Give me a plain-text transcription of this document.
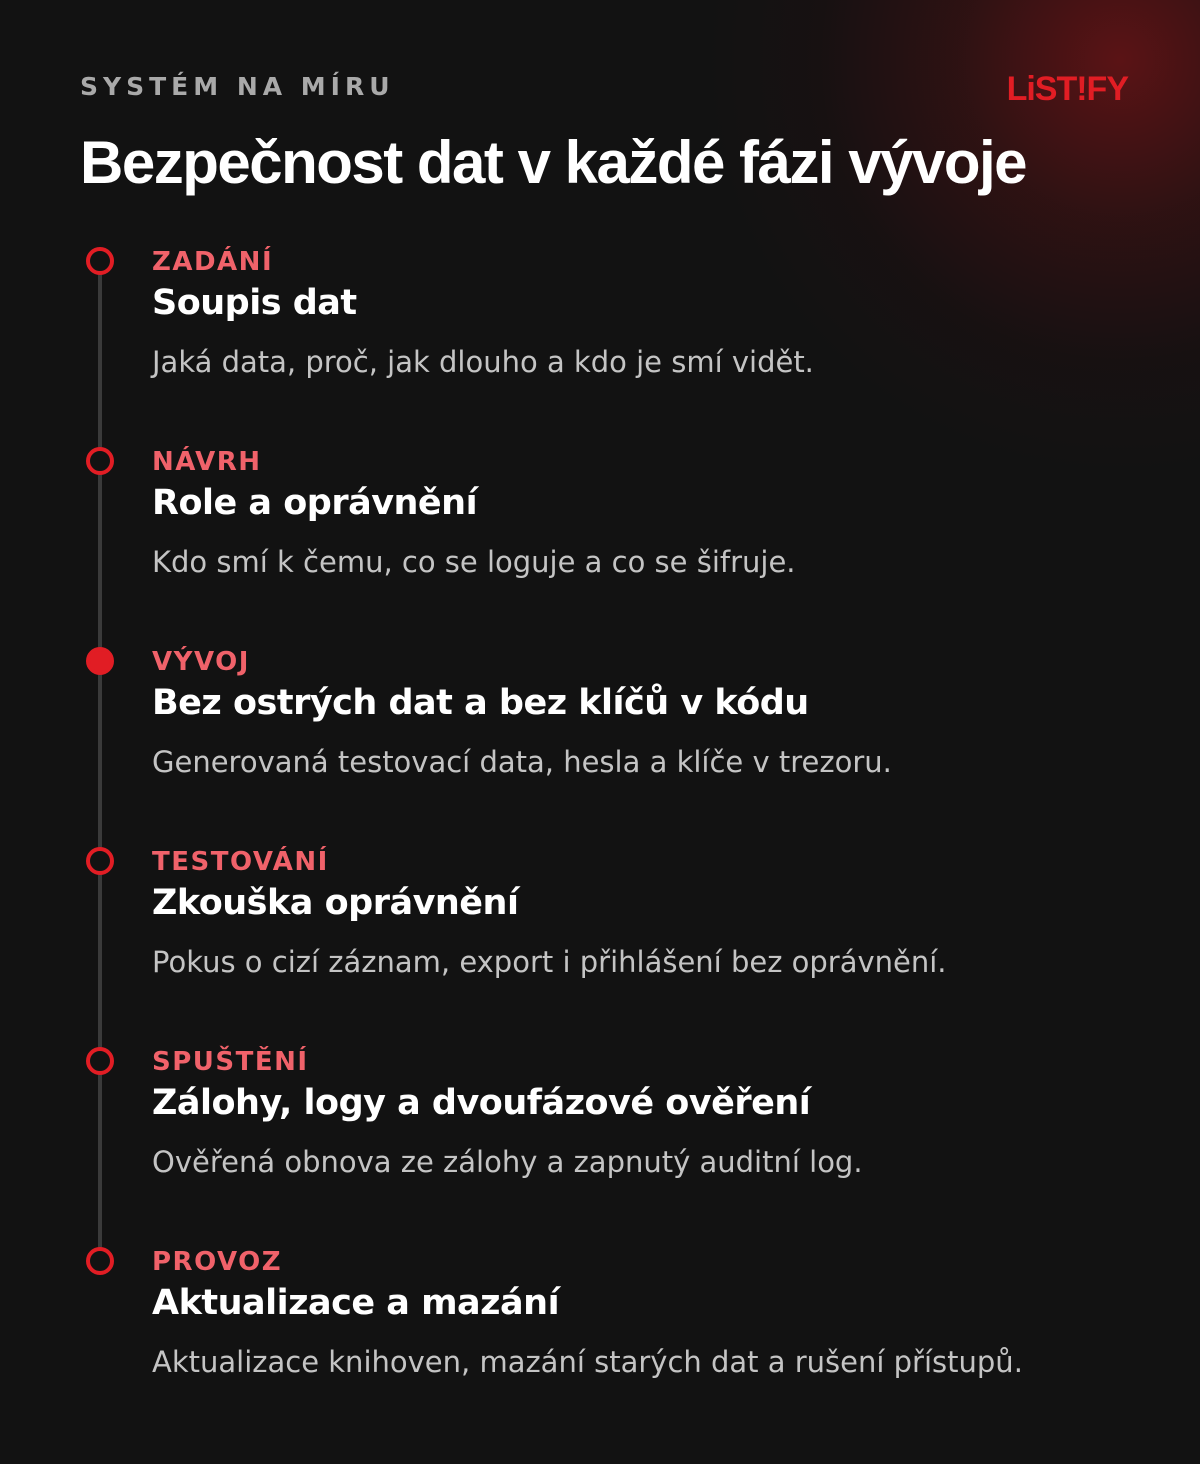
SYSTÉM NA MÍRU	LiST!FY
Bezpečnost dat v každé fázi vývoje
ZADÁNÍ
Soupis dat
Jaká data, proč, jak dlouho a kdo je smí vidět.
NÁVRH
Role a oprávnění
Kdo smí k čemu, co se loguje a co se šifruje.
VÝVOJ
Bez ostrých dat a bez klíčů v kódu
Generovaná testovací data, hesla a klíče v trezoru.
TESTOVÁNÍ
Zkouška oprávnění
Pokus o cizí záznam, export i přihlášení bez oprávnění.
SPUŠTĚNÍ
Zálohy, logy a dvoufázové ověření
Ověřená obnova ze zálohy a zapnutý auditní log.
PROVOZ
Aktualizace a mazání
Aktualizace knihoven, mazání starých dat a rušení přístupů.
